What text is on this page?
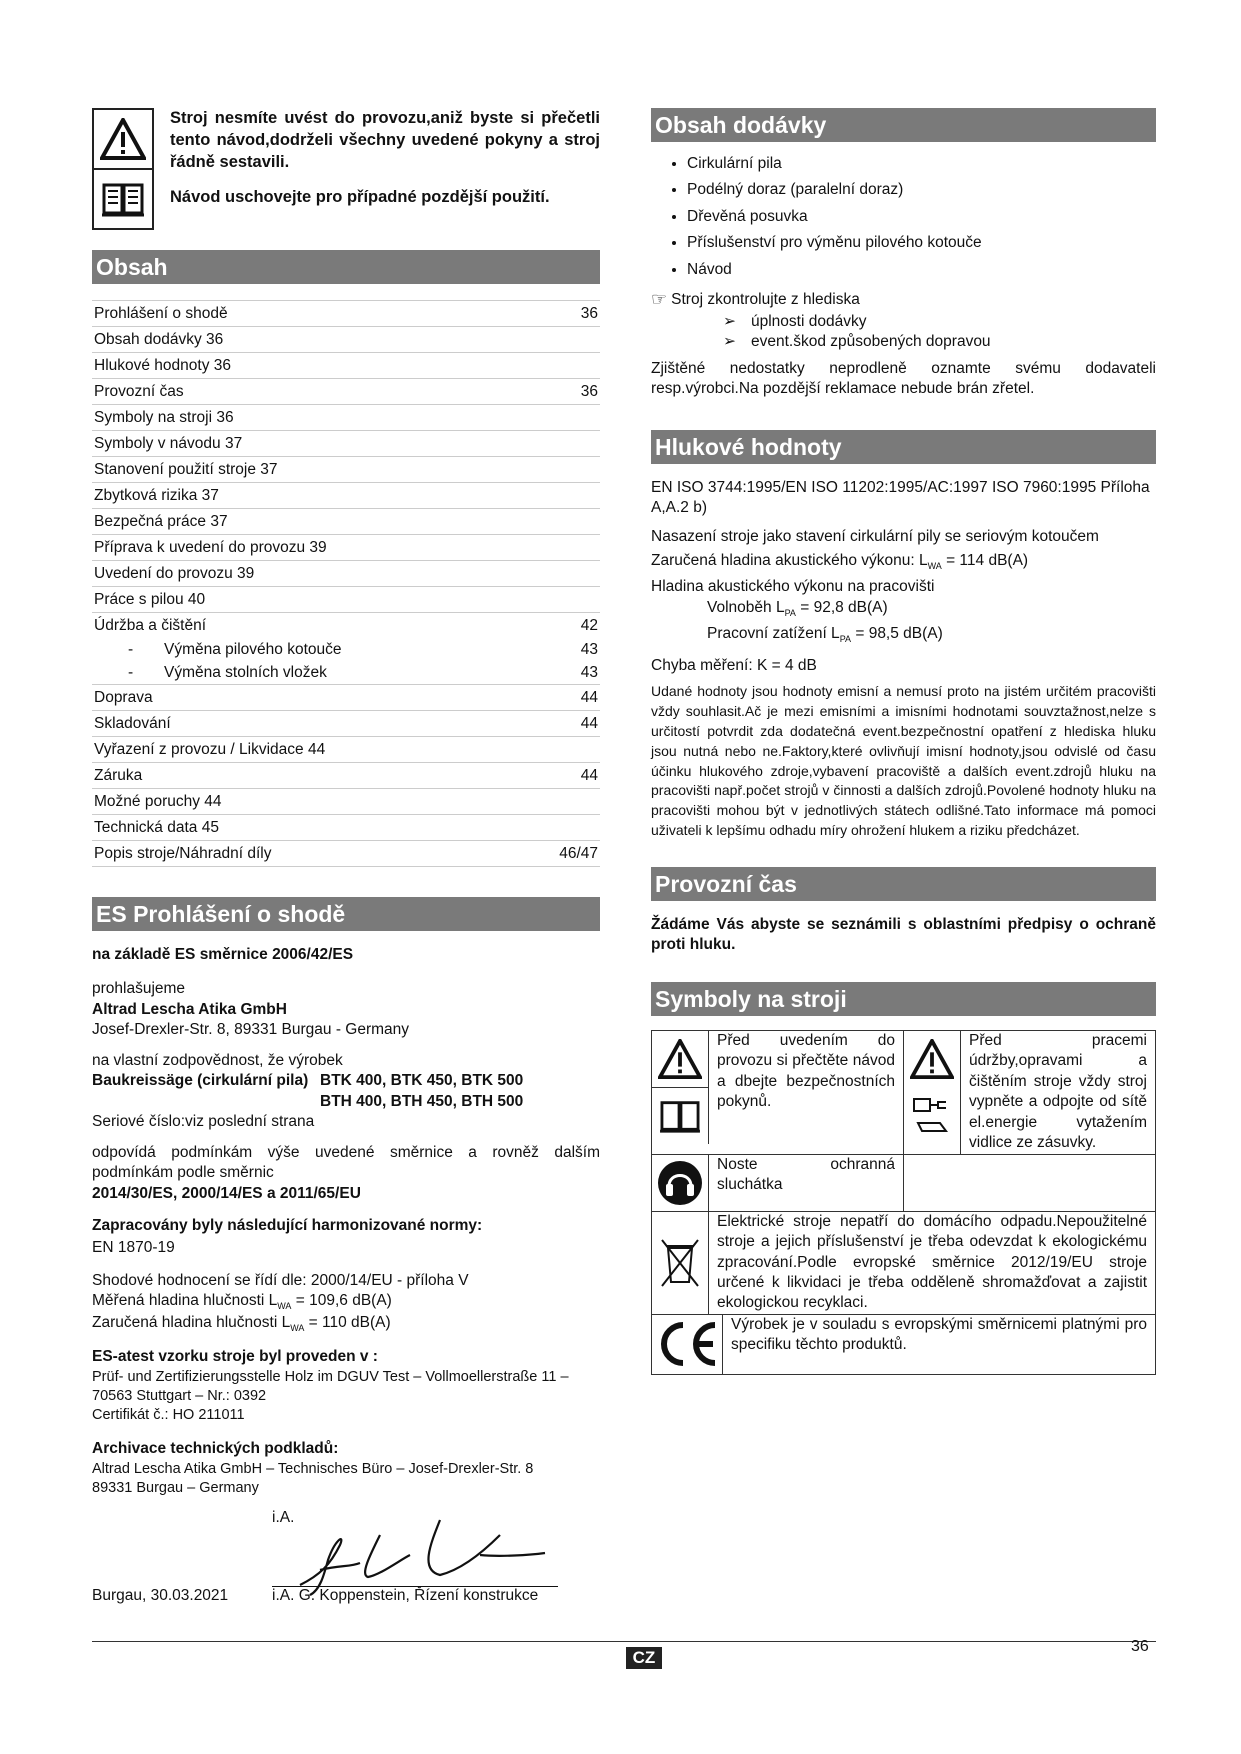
Stroj nesmíte uvést do provozu,aniž byste si přečetli tento návod,dodrželi všechny uvedené pokyny a stroj řádně sestavili.

Návod uschovejte pro případné pozdější použití.

Obsah
Prohlášení o shodě	36
Obsah dodávky 36
Hlukové hodnoty 36
Provozní čas	36
Symboly na stroji 36
Symboly v návodu 37
Stanovení použití stroje 37
Zbytková rizika 37
Bezpečná práce 37
Příprava k uvedení do provozu 39
Uvedení do provozu 39
Práce s pilou 40
Údržba a čištění	42
-	Výměna pilového kotouče	43
-	Výměna stolních vložek	43
Doprava	44
Skladování	44
Vyřazení z provozu / Likvidace 44
Záruka	44
Možné poruchy 44
Technická data 45
Popis stroje/Náhradní díly	46/47
ES Prohlášení o shodě

na základě ES směrnice 2006/42/ES

prohlašujeme

Altrad Lescha Atika GmbH

Josef-Drexler-Str. 8, 89331 Burgau - Germany

na vlastní zodpovědnost, že výrobek

Baukreissäge (cirkulární pila) BTK 400, BTK 450, BTK 500

BTH 400, BTH 450, BTH 500

Seriové číslo:viz poslední strana

odpovídá podmínkám výše uvedené směrnice a rovněž dalším podmínkám podle směrnic

2014/30/ES, 2000/14/ES a 2011/65/EU

Zapracovány byly následující harmonizované normy:

EN 1870-19

Shodové hodnocení se řídí dle: 2000/14/EU - příloha V

Měřená hladina hlučnosti $L_{WA} = 109,6$ dB(A)

Zaručená hladina hlučnosti $L_{WA} = 110$ dB(A)

ES-atest vzorku stroje byl proveden v :

Prüf- und Zertifizierungsstelle Holz im DGUV Test – Vollmoellerstraße 11 – 70563 Stuttgart – Nr.: 0392

Certifikát č.: HO 211011

Archivace technických podkladů:

Altrad Lescha Atika GmbH – Technisches Büro – Josef-Drexler-Str. 8 89331 Burgau – Germany

i.A.
Burgau, 30.03.2021	i.A. G. Koppenstein, Řízení konstrukce
Obsah dodávky
• Cirkulární pila
• Podélný doraz (paralelní doraz)
• Dřevěná posuvka
• Příslušenství pro výměnu pilového kotouče
• Návod
☞ Stroj zkontrolujte z hlediska
➢ úplnosti dodávky
➢ event.škod způsobených dopravou

Zjištěné nedostatky neprodleně oznamte svému dodavateli resp.výrobci.Na pozdější reklamace nebude brán zřetel.

Hlukové hodnoty

EN ISO 3744:1995/EN ISO 11202:1995/AC:1997 ISO 7960:1995 Příloha A,A.2 b)

Nasazení stroje jako stavení cirkulární pily se seriovým kotoučem

Zaručená hladina akustického výkonu: $L_{WA} = 114$ dB(A)

Hladina akustického výkonu na pracovišti

Volnoběh $L_{PA} = 92,8$ dB(A)

Pracovní zatížení $L_{PA} = 98,5$ dB(A)

Chyba měření: K = 4 dB

Udané hodnoty jsou hodnoty emisní a nemusí proto na jistém určitém pracovišti vždy souhlasit.Ač je mezi emisními a imisními hodnotami souvztažnost,nelze s určitostí potvrdit zda dodatečná event.bezpečnostní opatření z hlediska hluku jsou nutná nebo ne.Faktory,které ovlivňují imisní hodnoty,jsou odvislé od času účinku hlukového zdroje,vybavení pracoviště a dalších event.zdrojů hluku na pracovišti např.počet strojů v činnosti a dalších zdrojů.Povolené hodnoty hluku na pracovišti mohou být v jednotlivých státech odlišné.Tato informace má pomoci uživateli k lepšímu odhadu míry ohrožení hlukem a riziku předcházet.

Provozní čas

Žádáme Vás abyste se seznámili s oblastními předpisy o ochraně proti hluku.

Symboly na stroji
Před uvedením do provozu si přečtěte návod a dbejte bezpečnostních pokynů.	Před pracemi údržby,opravami a čištěním stroje vždy stroj vypněte a odpojte od sítě el.energie vytažením vidlice ze zásuvky.

Noste ochranná sluchátka	

Elektrické stroje nepatří do domácího odpadu.Nepoužitelné stroje a jejich příslušenství je třeba odevzdat k ekologickému zpracování.Podle evropské směrnice 2012/19/EU stroje určené k likvidaci je třeba odděleně shromažďovat a zajistit ekologickou recyklaci.	

Výrobek je v souladu s evropskými směrnicemi platnými pro specifiku těchto produktů.	
CZ
36
